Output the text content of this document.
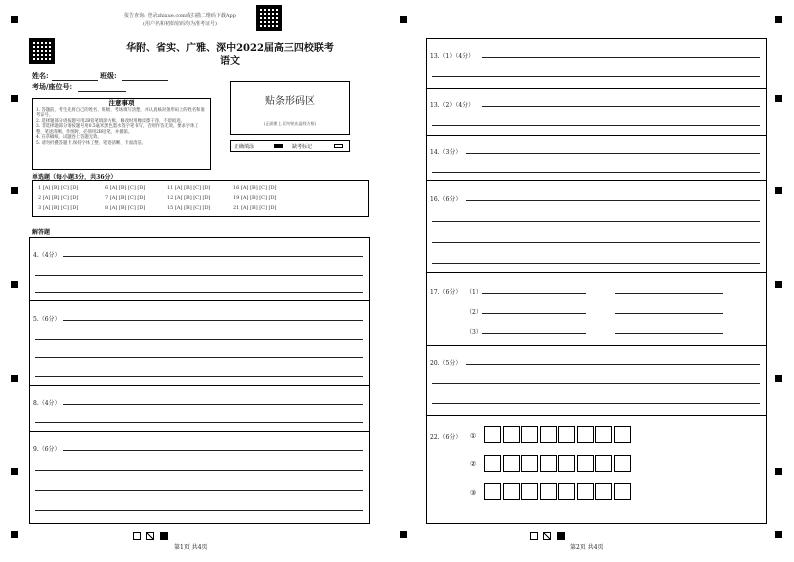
报告查询: 登录zhixue.com或扫描二维码下载App
(用户名和初始密码均为准考证号)
华附、省实、广雅、深中2022届高三四校联考
语文
姓名:	班级:
考场/座位号:
注意事项
1. 答题前，考生先将自己的姓名、班级、考场填写清楚，并认真核对条形码上的姓名和准考证号。
2. 选择题部分请按题号用2B铅笔填涂方框，修改时用橡皮擦干净，不留痕迹。
3. 非选择题部分请按题号用0.5毫米黑色墨水签字笔书写，否则作答无效。要求字体工整、笔迹清晰。作图时，必须用2B铅笔，并描浓。
4. 在草稿纸、试题卷上答题无效。
5. 请勿折叠答题卡,保持字体工整、笔迹清晰、卡面清洁。
贴条形码区
(正面朝上,切勿贴出虚线方框)
正确填涂	缺考标记
单选题（每小题3分，共36分）
1 [A] [B] [C] [D]	6 [A] [B] [C] [D]	11 [A] [B] [C] [D]	16 [A] [B] [C] [D]
2 [A] [B] [C] [D]	7 [A] [B] [C] [D]	12 [A] [B] [C] [D]	19 [A] [B] [C] [D]
3 [A] [B] [C] [D]	8 [A] [B] [C] [D]	15 [A] [B] [C] [D]	21 [A] [B] [C] [D]
解答题
4.（4分）
5.（6分）
8.（4分）
9.（6分）
13.（1）（4分）
13.（2）（4分）
14.（3分）
16.（6分）
17.（6分） （1）
（2）
（3）
20.（5分）
22.（6分） ①
②
③
第1页 共4页	第2页 共4页
